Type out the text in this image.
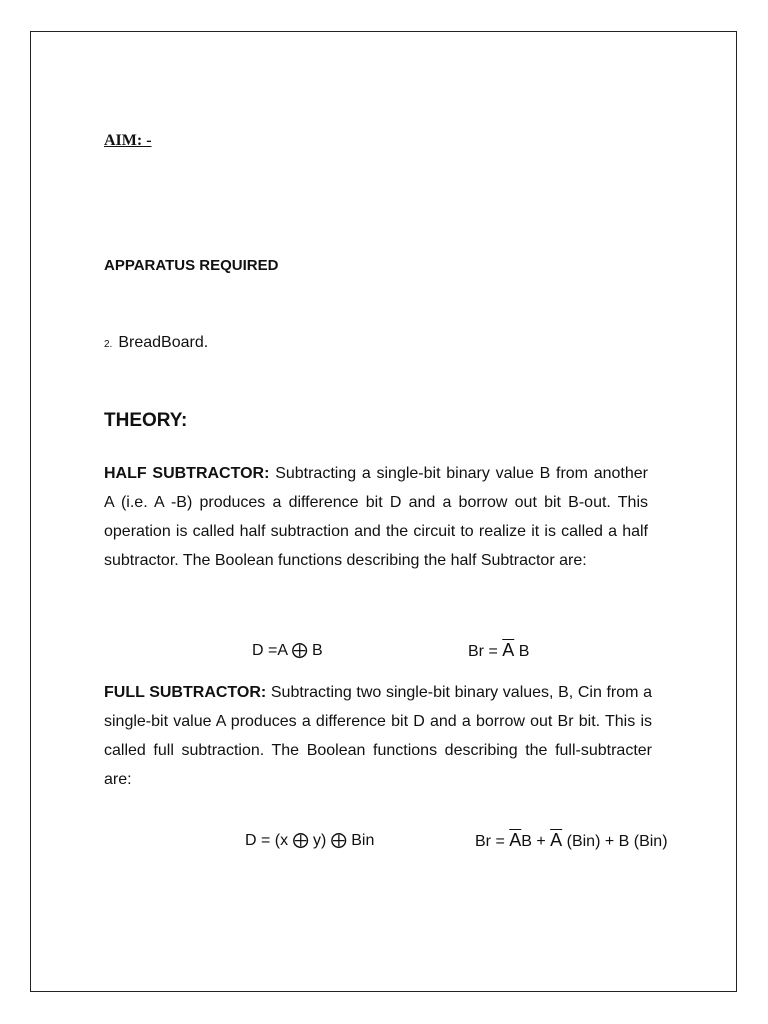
AIM: -
APPARATUS REQUIRED
2. BreadBoard.
THEORY:
HALF SUBTRACTOR: Subtracting a single-bit binary value B from another A (i.e. A -B) produces a difference bit D and a borrow out bit B-out. This operation is called half subtraction and the circuit to realize it is called a half subtractor. The Boolean functions describing the half Subtractor are:
D =A ⨁ B	$Br = \overline{A}$ B
FULL SUBTRACTOR: Subtracting two single-bit binary values, B, Cin from a single-bit value A produces a difference bit D and a borrow out Br bit. This is called full subtraction. The Boolean functions describing the full-subtracter are:
D = (x ⨁ y) ⨁ Bin	$Br = \overline{A}B + \overline{A}$ (Bin) + B (Bin)
